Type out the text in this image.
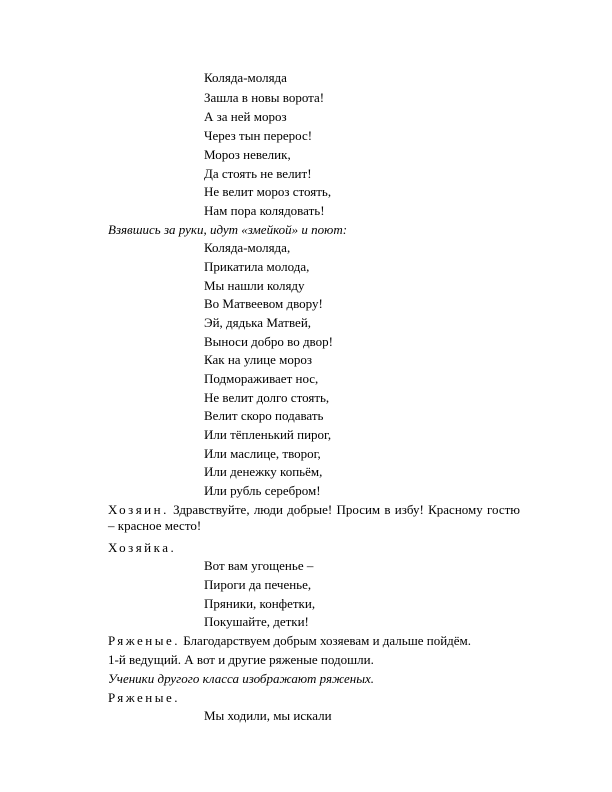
Коляда-моляда
Зашла в новы ворота!
А за ней мороз
Через тын перерос!
Мороз невелик,
Да стоять не велит!
Не велит мороз стоять,
Нам пора колядовать!
Взявшись за руки, идут «змейкой» и поют:
Коляда-моляда,
Прикатила молода,
Мы нашли коляду
Во Матвеевом двору!
Эй, дядька Матвей,
Выноси добро во двор!
Как на улице мороз
Подмораживает нос,
Не велит долго стоять,
Велит скоро подавать
Или тёпленький пирог,
Или маслице, творог,
Или денежку копьём,
Или рубль серебром!
Хозяин. Здравствуйте, люди добрые! Просим в избу! Красному гостю – красное место!
Хозяйка.
Вот вам угощенье –
Пироги да печенье,
Пряники, конфетки,
Покушайте, детки!
Ряженые. Благодарствуем добрым хозяевам и дальше пойдём.
1-й ведущий. А вот и другие ряженые подошли.
Ученики другого класса изображают ряженых.
Ряженые.
Мы ходили, мы искали
